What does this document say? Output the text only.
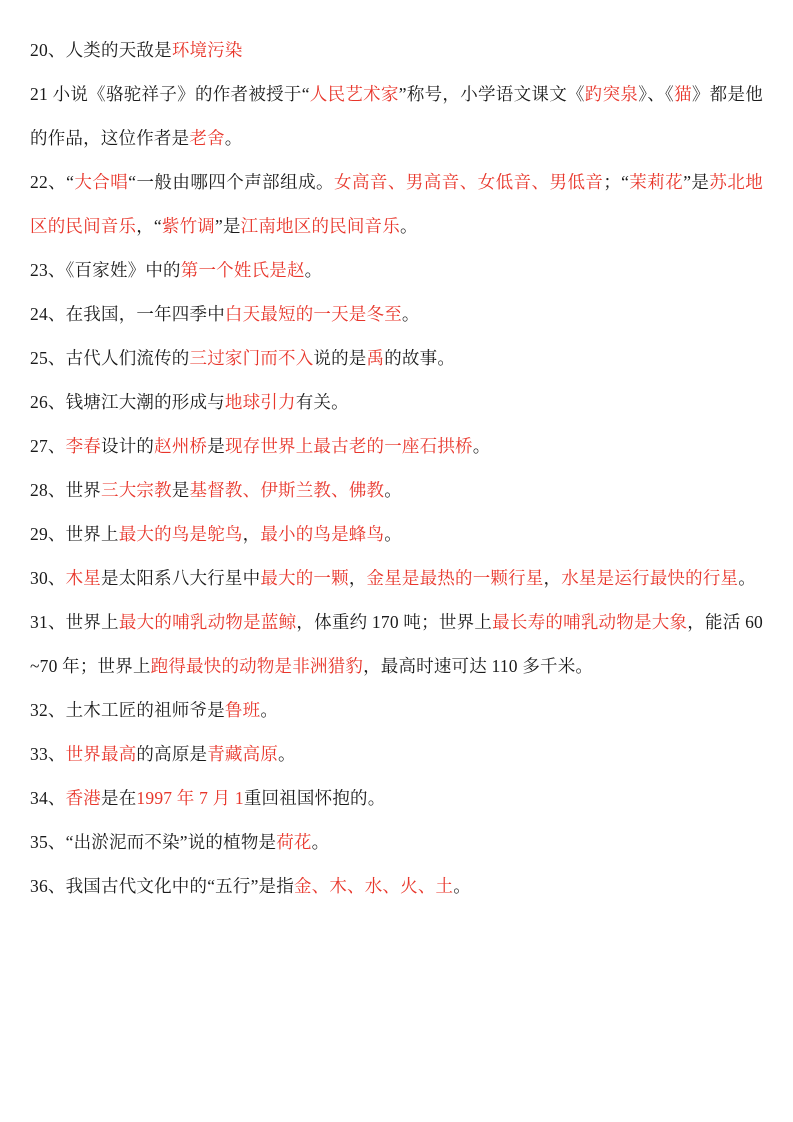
20、人类的天敌是环境污染

21 小说《骆驼祥子》的作者被授于“人民艺术家”称号，小学语文课文《趵突泉》、《猫》都是他的作品，这位作者是老舍。

22、“大合唱“一般由哪四个声部组成。女高音、男高音、女低音、男低音；“茉莉花”是苏北地区的民间音乐，“紫竹调”是江南地区的民间音乐。

23、《百家姓》中的第一个姓氏是赵。

24、在我国，一年四季中白天最短的一天是冬至。

25、古代人们流传的三过家门而不入说的是禹的故事。

26、钱塘江大潮的形成与地球引力有关。

27、李春设计的赵州桥是现存世界上最古老的一座石拱桥。

28、世界三大宗教是基督教、伊斯兰教、佛教。

29、世界上最大的鸟是鸵鸟，最小的鸟是蜂鸟。

30、木星是太阳系八大行星中最大的一颗，金星是最热的一颗行星，水星是运行最快的行星。

31、世界上最大的哺乳动物是蓝鲸，体重约 170 吨；世界上最长寿的哺乳动物是大象，能活 60~70 年；世界上跑得最快的动物是非洲猎豹，最高时速可达 110 多千米。

32、土木工匠的祖师爷是鲁班。

33、世界最高的高原是青藏高原。

34、香港是在1997 年 7 月 1重回祖国怀抱的。

35、“出淤泥而不染”说的植物是荷花。

36、我国古代文化中的“五行”是指金、木、水、火、土。
